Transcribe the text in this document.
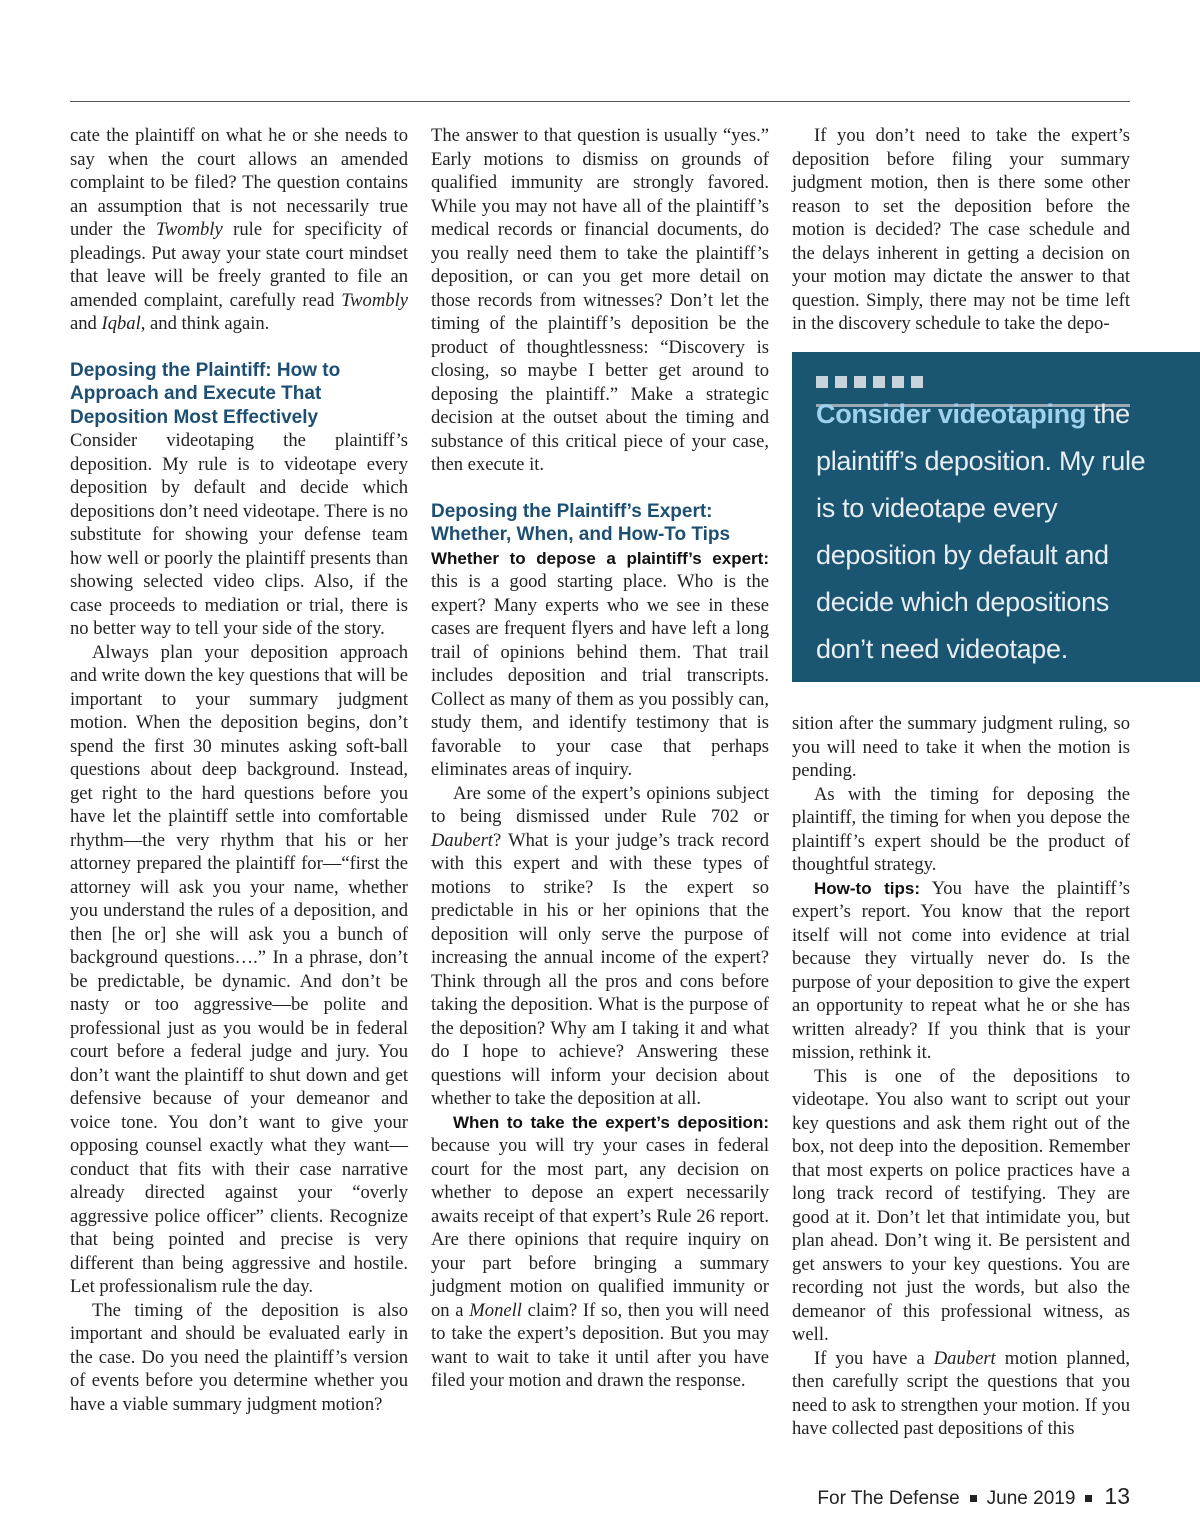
cate the plaintiff on what he or she needs to say when the court allows an amended complaint to be filed? The question contains an assumption that is not necessarily true under the Twombly rule for specificity of pleadings. Put away your state court mindset that leave will be freely granted to file an amended complaint, carefully read Twombly and Iqbal, and think again.

Deposing the Plaintiff: How to Approach and Execute That Deposition Most Effectively

Consider videotaping the plaintiff’s deposition. My rule is to videotape every deposition by default and decide which depositions don’t need videotape. There is no substitute for showing your defense team how well or poorly the plaintiff presents than showing selected video clips. Also, if the case proceeds to mediation or trial, there is no better way to tell your side of the story.

Always plan your deposition approach and write down the key questions that will be important to your summary judgment motion. When the deposition begins, don’t spend the first 30 minutes asking soft-ball questions about deep background. Instead, get right to the hard questions before you have let the plaintiff settle into comfortable rhythm—the very rhythm that his or her attorney prepared the plaintiff for—“first the attorney will ask you your name, whether you understand the rules of a deposition, and then [he or] she will ask you a bunch of background questions….” In a phrase, don’t be predictable, be dynamic. And don’t be nasty or too aggressive—be polite and professional just as you would be in federal court before a federal judge and jury. You don’t want the plaintiff to shut down and get defensive because of your demeanor and voice tone. You don’t want to give your opposing counsel exactly what they want—conduct that fits with their case narrative already directed against your “overly aggressive police officer” clients. Recognize that being pointed and precise is very different than being aggressive and hostile. Let professionalism rule the day.

The timing of the deposition is also important and should be evaluated early in the case. Do you need the plaintiff’s version of events before you determine whether you have a viable summary judgment motion?

The answer to that question is usually “yes.” Early motions to dismiss on grounds of qualified immunity are strongly favored. While you may not have all of the plaintiff’s medical records or financial documents, do you really need them to take the plaintiff’s deposition, or can you get more detail on those records from witnesses? Don’t let the timing of the plaintiff’s deposition be the product of thoughtlessness: “Discovery is closing, so maybe I better get around to deposing the plaintiff.” Make a strategic decision at the outset about the timing and substance of this critical piece of your case, then execute it.

Deposing the Plaintiff’s Expert: Whether, When, and How-To Tips

Whether to depose a plaintiff’s expert: this is a good starting place. Who is the expert? Many experts who we see in these cases are frequent flyers and have left a long trail of opinions behind them. That trail includes deposition and trial transcripts. Collect as many of them as you possibly can, study them, and identify testimony that is favorable to your case that perhaps eliminates areas of inquiry.

Are some of the expert’s opinions subject to being dismissed under Rule 702 or Daubert? What is your judge’s track record with this expert and with these types of motions to strike? Is the expert so predictable in his or her opinions that the deposition will only serve the purpose of increasing the annual income of the expert? Think through all the pros and cons before taking the deposition. What is the purpose of the deposition? Why am I taking it and what do I hope to achieve? Answering these questions will inform your decision about whether to take the deposition at all.

When to take the expert’s deposition: because you will try your cases in federal court for the most part, any decision on whether to depose an expert necessarily awaits receipt of that expert’s Rule 26 report. Are there opinions that require inquiry on your part before bringing a summary judgment motion on qualified immunity or on a Monell claim? If so, then you will need to take the expert’s deposition. But you may want to wait to take it until after you have filed your motion and drawn the response.

If you don’t need to take the expert’s deposition before filing your summary judgment motion, then is there some other reason to set the deposition before the motion is decided? The case schedule and the delays inherent in getting a decision on your motion may dictate the answer to that question. Simply, there may not be time left in the discovery schedule to take the depo-

Consider videotaping the plaintiff’s deposition. My rule is to videotape every deposition by default and decide which depositions don’t need videotape.

sition after the summary judgment ruling, so you will need to take it when the motion is pending.

As with the timing for deposing the plaintiff, the timing for when you depose the plaintiff’s expert should be the product of thoughtful strategy.

How-to tips: You have the plaintiff’s expert’s report. You know that the report itself will not come into evidence at trial because they virtually never do. Is the purpose of your deposition to give the expert an opportunity to repeat what he or she has written already? If you think that is your mission, rethink it.

This is one of the depositions to videotape. You also want to script out your key questions and ask them right out of the box, not deep into the deposition. Remember that most experts on police practices have a long track record of testifying. They are good at it. Don’t let that intimidate you, but plan ahead. Don’t wing it. Be persistent and get answers to your key questions. You are recording not just the words, but also the demeanor of this professional witness, as well.

If you have a Daubert motion planned, then carefully script the questions that you need to ask to strengthen your motion. If you have collected past depositions of this

For The Defense June 2019 13
